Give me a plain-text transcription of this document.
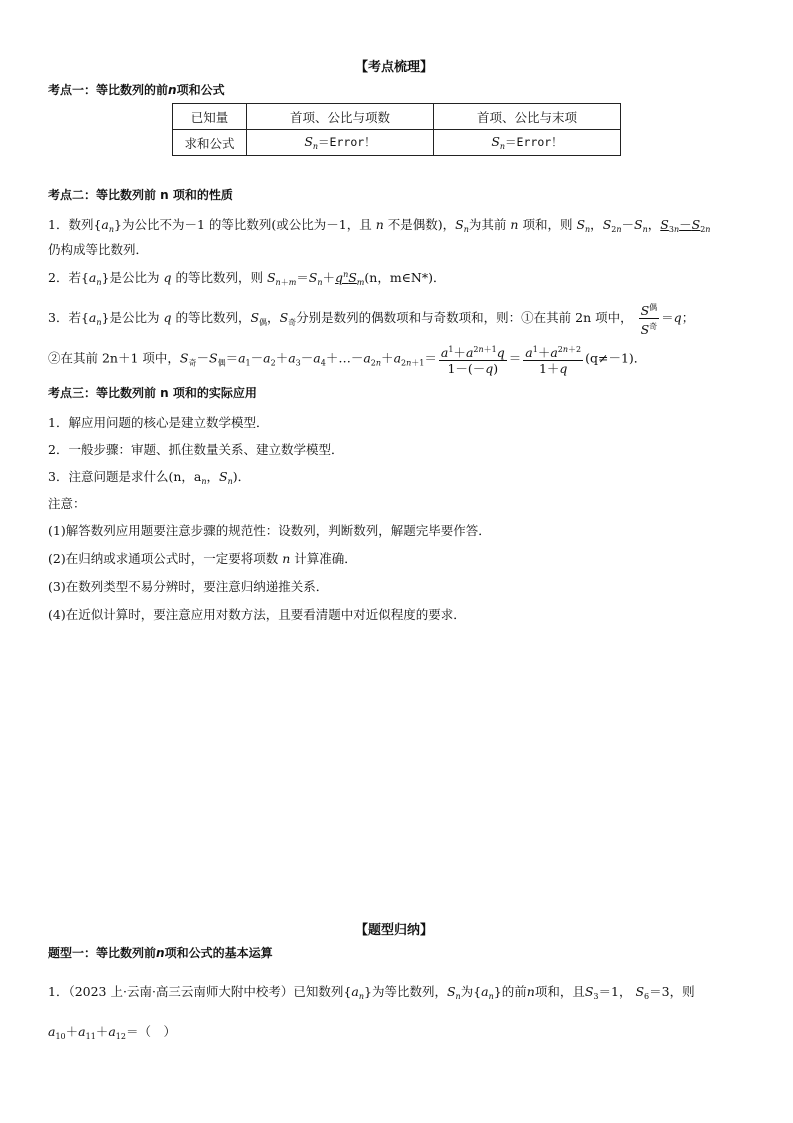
【考点梳理】
考点一：等比数列的前n项和公式
已知量	首项、公比与项数	首项、公比与末项
求和公式	$S_n=Error$！	$S_n=Error$！
考点二：等比数列前 n 项和的性质
1．数列$\{a_n\}$为公比不为－1 的等比数列(或公比为－1，且 n 不是偶数)，$S_n$为其前 n 项和，则 $S_n$，$S_{2n}-S_n$，$S_{3n}-S_{2n}$
仍构成等比数列．
2．若$\{a_n\}$是公比为 q 的等比数列，则 $S_{n+m}=S_n+q^nS_m(n$，m∈N*)．
3．若$\{a_n\}$是公比为 q 的等比数列，$S_偶$，$S_奇$分别是数列的偶数项和与奇数项和，则：①在其前 2n 项中， $\frac{S^偶}{S^奇} =q$；
②在其前 2n＋1 项中，$S_奇-S_偶=a_1-a_2+a_3-a_4+\dots-a_{2n}+a_{2n+1}= \frac{a^1+a^{2n+1}q}{1-(-q)} = \frac{a^1+a^{2n+2}}{1+q} (q\ne-1)$．
考点三：等比数列前 n 项和的实际应用
1．解应用问题的核心是建立数学模型．
2．一般步骤：审题、抓住数量关系、建立数学模型．
3．注意问题是求什么(n，$a_n$，$S_n$)．
注意：
(1)解答数列应用题要注意步骤的规范性：设数列，判断数列，解题完毕要作答．
(2)在归纳或求通项公式时，一定要将项数 n 计算准确．
(3)在数列类型不易分辨时，要注意归纳递推关系．
(4)在近似计算时，要注意应用对数方法，且要看清题中对近似程度的要求．
【题型归纳】
题型一：等比数列前n项和公式的基本运算
1．（2023 上·云南·高三云南师大附中校考）已知数列$\{a_n\}$为等比数列，$S_n$为$\{a_n\}$的前n项和，且$S_3=1$， $S_6=3$，则
$a_{10}+a_{11}+a_{12}=$（　）
